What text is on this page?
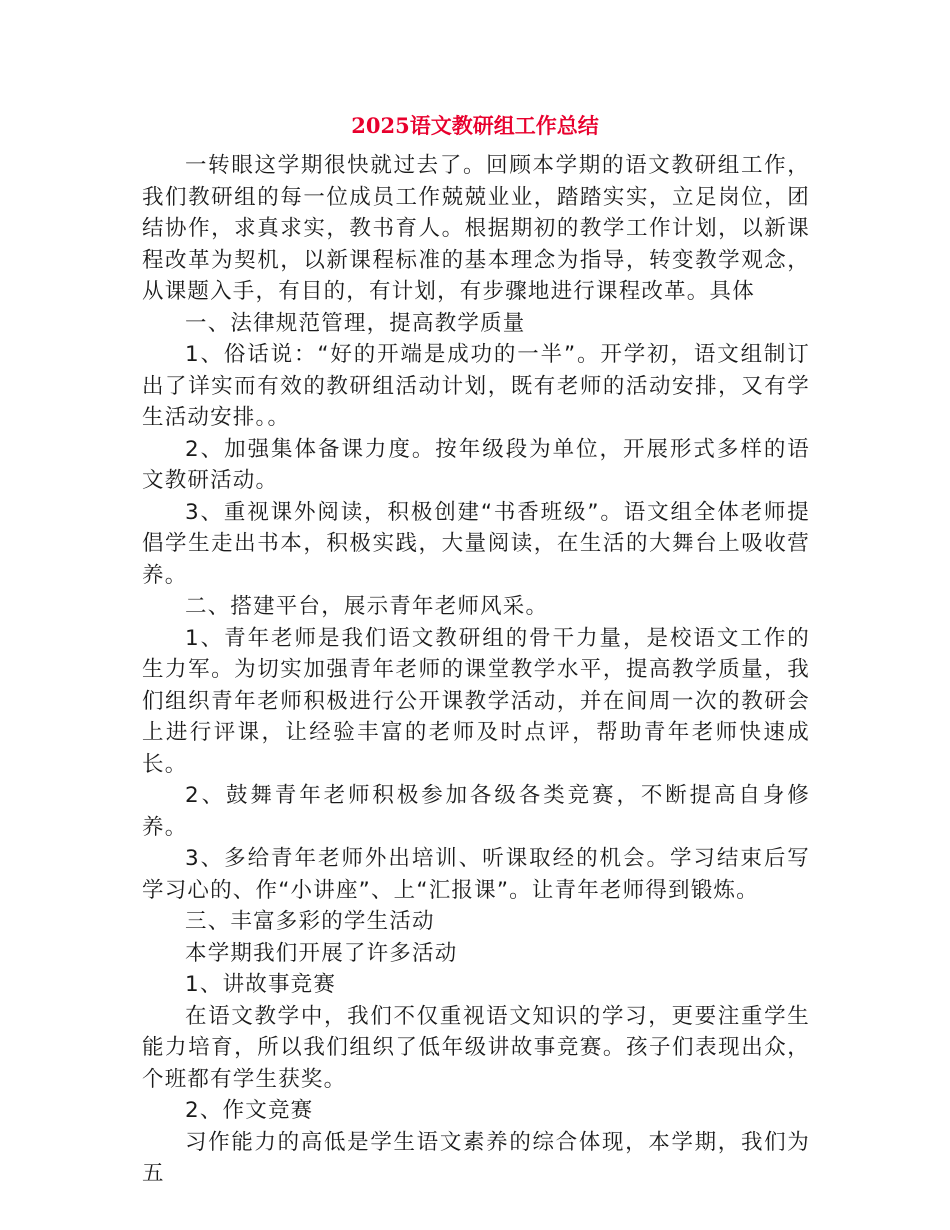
2025语文教研组工作总结

一转眼这学期很快就过去了。回顾本学期的语文教研组工作，我们教研组的每一位成员工作兢兢业业，踏踏实实，立足岗位，团结协作，求真求实，教书育人。根据期初的教学工作计划，以新课程改革为契机，以新课程标准的基本理念为指导，转变教学观念，从课题入手，有目的，有计划，有步骤地进行课程改革。具体

一、法律规范管理，提高教学质量

1、俗话说：“好的开端是成功的一半”。开学初，语文组制订出了详实而有效的教研组活动计划，既有老师的活动安排，又有学生活动安排。。

2、加强集体备课力度。按年级段为单位，开展形式多样的语文教研活动。

3、重视课外阅读，积极创建“书香班级”。语文组全体老师提倡学生走出书本，积极实践，大量阅读，在生活的大舞台上吸收营养。

二、搭建平台，展示青年老师风采。

1、青年老师是我们语文教研组的骨干力量，是校语文工作的生力军。为切实加强青年老师的课堂教学水平，提高教学质量，我们组织青年老师积极进行公开课教学活动，并在间周一次的教研会上进行评课，让经验丰富的老师及时点评，帮助青年老师快速成长。

2、鼓舞青年老师积极参加各级各类竞赛，不断提高自身修养。

3、多给青年老师外出培训、听课取经的机会。学习结束后写学习心的、作“小讲座”、上“汇报课”。让青年老师得到锻炼。

三、丰富多彩的学生活动

本学期我们开展了许多活动

1、讲故事竞赛

在语文教学中，我们不仅重视语文知识的学习，更要注重学生能力培育，所以我们组织了低年级讲故事竞赛。孩子们表现出众，个班都有学生获奖。

2、作文竞赛

习作能力的高低是学生语文素养的综合体现，本学期，我们为五
